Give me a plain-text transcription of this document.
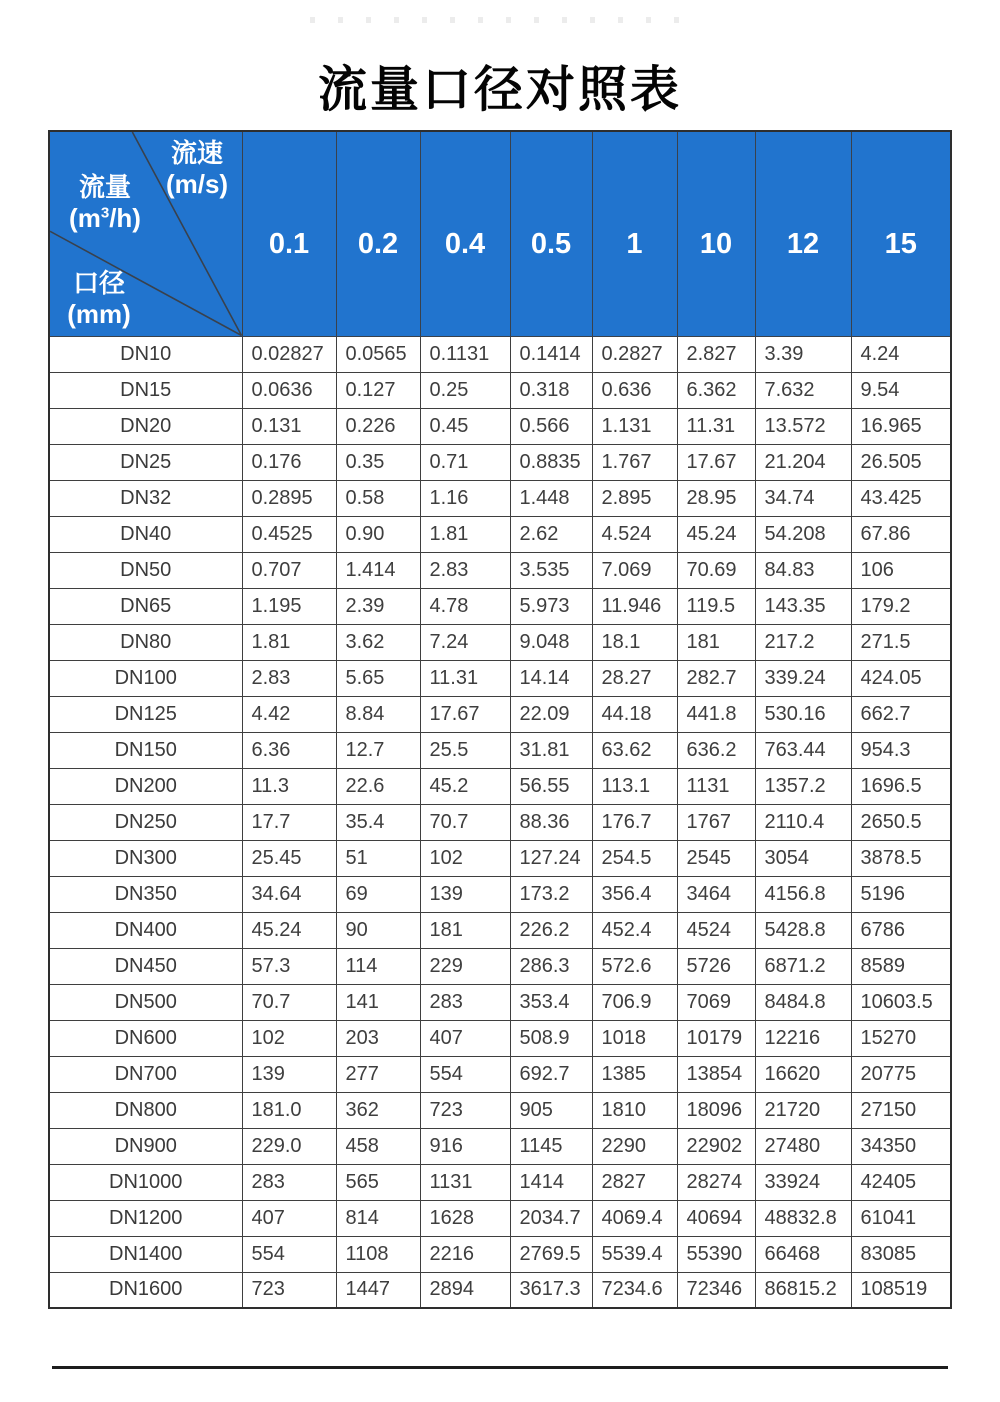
流量口径对照表
流速
(m/s)
流量
$(m^3/h)$
口径
(mm)
	0.1	0.2	0.4	0.5	1	10	12	15
DN10	0.02827	0.0565	0.1131	0.1414	0.2827	2.827	3.39	4.24
DN15	0.0636	0.127	0.25	0.318	0.636	6.362	7.632	9.54
DN20	0.131	0.226	0.45	0.566	1.131	11.31	13.572	16.965
DN25	0.176	0.35	0.71	0.8835	1.767	17.67	21.204	26.505
DN32	0.2895	0.58	1.16	1.448	2.895	28.95	34.74	43.425
DN40	0.4525	0.90	1.81	2.62	4.524	45.24	54.208	67.86
DN50	0.707	1.414	2.83	3.535	7.069	70.69	84.83	106
DN65	1.195	2.39	4.78	5.973	11.946	119.5	143.35	179.2
DN80	1.81	3.62	7.24	9.048	18.1	181	217.2	271.5
DN100	2.83	5.65	11.31	14.14	28.27	282.7	339.24	424.05
DN125	4.42	8.84	17.67	22.09	44.18	441.8	530.16	662.7
DN150	6.36	12.7	25.5	31.81	63.62	636.2	763.44	954.3
DN200	11.3	22.6	45.2	56.55	113.1	1131	1357.2	1696.5
DN250	17.7	35.4	70.7	88.36	176.7	1767	2110.4	2650.5
DN300	25.45	51	102	127.24	254.5	2545	3054	3878.5
DN350	34.64	69	139	173.2	356.4	3464	4156.8	5196
DN400	45.24	90	181	226.2	452.4	4524	5428.8	6786
DN450	57.3	114	229	286.3	572.6	5726	6871.2	8589
DN500	70.7	141	283	353.4	706.9	7069	8484.8	10603.5
DN600	102	203	407	508.9	1018	10179	12216	15270
DN700	139	277	554	692.7	1385	13854	16620	20775
DN800	181.0	362	723	905	1810	18096	21720	27150
DN900	229.0	458	916	1145	2290	22902	27480	34350
DN1000	283	565	1131	1414	2827	28274	33924	42405
DN1200	407	814	1628	2034.7	4069.4	40694	48832.8	61041
DN1400	554	1108	2216	2769.5	5539.4	55390	66468	83085
DN1600	723	1447	2894	3617.3	7234.6	72346	86815.2	108519
